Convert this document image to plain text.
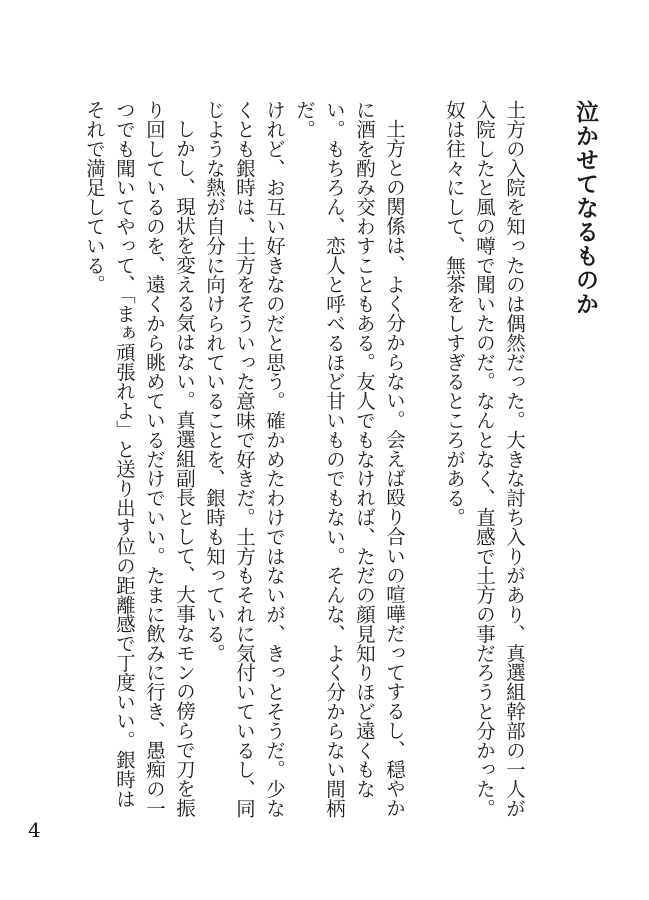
泣かせてなるものか

土方の入院を知ったのは偶然だった。大きな討ち入りがあり、真選組幹部の一人が入院したと風の噂で聞いたのだ。なんとなく、直感で土方の事だろうと分かった。奴は往々にして、無茶をしすぎるところがある。

土方との関係は、よく分からない。会えば殴り合いの喧嘩だってするし、穏やかに酒を酌み交わすこともある。友人でもなければ、ただの顔見知りほど遠くもない。もちろん、恋人と呼べるほど甘いものでもない。そんな、よく分からない間柄だ。

けれど、お互い好きなのだと思う。確かめたわけではないが、きっとそうだ。少なくとも銀時は、土方をそういった意味で好きだ。土方もそれに気付いているし、同じような熱が自分に向けられていることを、銀時も知っている。

しかし、現状を変える気はない。真選組副長として、大事なモンの傍らで刀を振り回しているのを、遠くから眺めているだけでいい。たまに飲みに行き、愚痴の一つでも聞いてやって、「まぁ頑張れよ」と送り出す位の距離感で丁度いい。銀時はそれで満足している。

4
